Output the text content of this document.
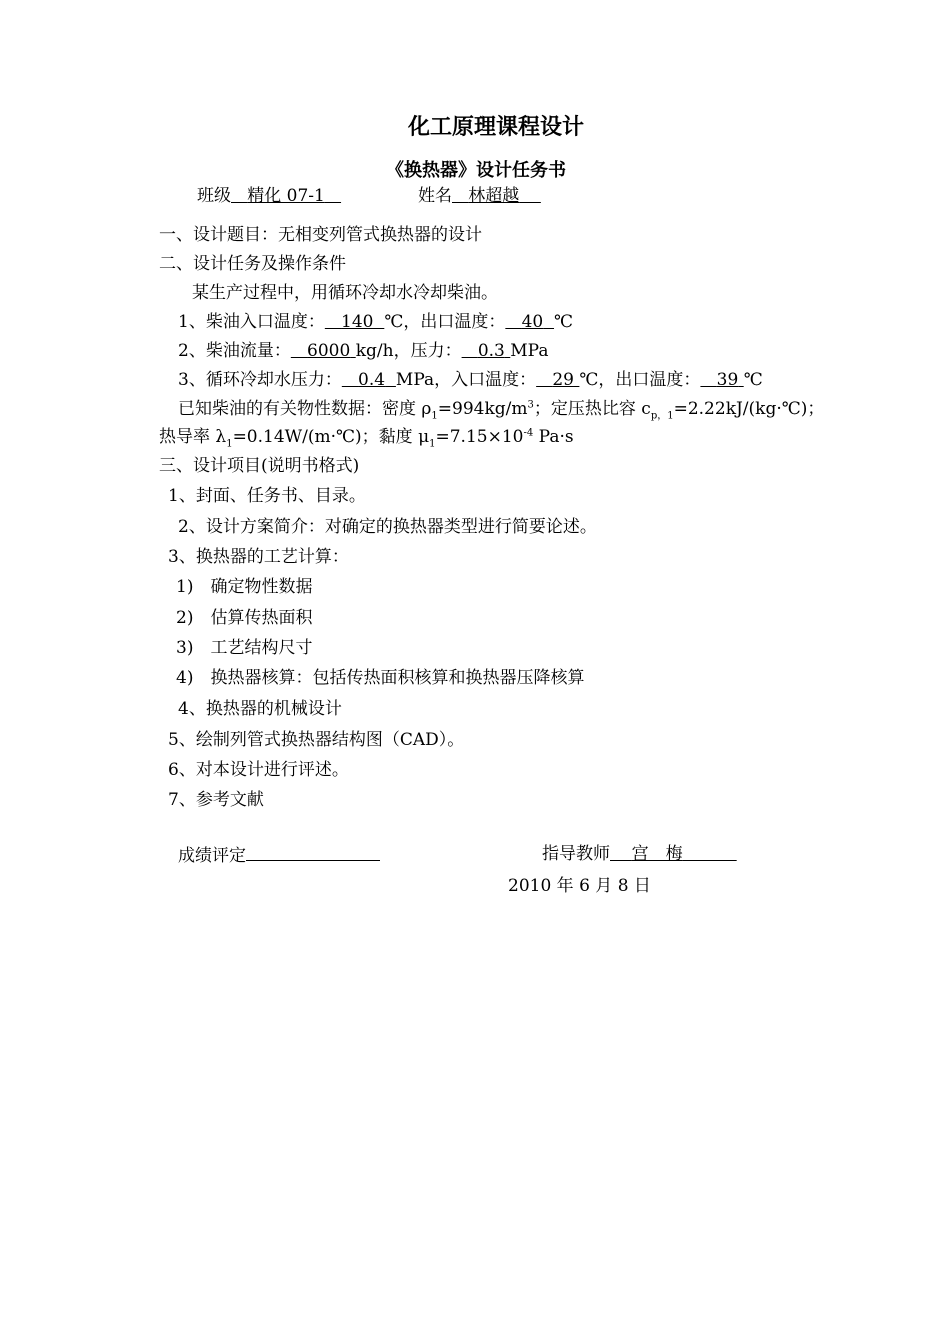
化工原理课程设计
《换热器》设计任务书
班级 精化 07-1	姓名 林超越
一、设计题目：无相变列管式换热器的设计
二、设计任务及操作条件
某生产过程中，用循环冷却水冷却柴油。
1、柴油入口温度： 140 ℃，出口温度： 40 ℃
2、柴油流量： 6000 kg/h，压力： 0.3 MPa
3、循环冷却水压力： 0.4 MPa，入口温度： 29 ℃，出口温度： 39 ℃
已知柴油的有关物性数据：密度 $\rho_1=994kg/m^3$；定压热比容 $c_{p,1}=2.22kJ/(kg\cdot℃)$；
热导率 $\lambda_1=0.14W/(m\cdot℃)$；黏度 $\mu_1=7.15\times 10^{-4}$ Pa·s
三、设计项目(说明书格式)
1、封面、任务书、目录。
2、设计方案简介：对确定的换热器类型进行简要论述。
3、换热器的工艺计算：
1)　确定物性数据
2)　估算传热面积
3)　工艺结构尺寸
4)　换热器核算：包括传热面积核算和换热器压降核算
4、换热器的机械设计
5、绘制列管式换热器结构图（CAD）。
6、对本设计进行评述。
7、参考文献
成绩评定	指导教师 宫　梅
2010 年 6 月 8 日
